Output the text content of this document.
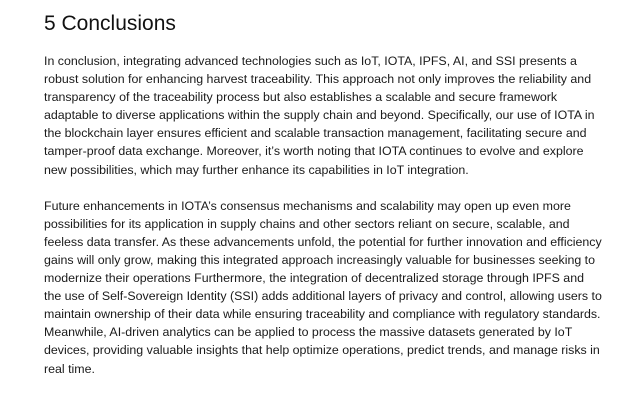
5 Conclusions

In conclusion, integrating advanced technologies such as IoT, IOTA, IPFS, AI, and SSI presents a robust solution for enhancing harvest traceability. This approach not only improves the reliability and transparency of the traceability process but also establishes a scalable and secure framework adaptable to diverse applications within the supply chain and beyond. Specifically, our use of IOTA in the blockchain layer ensures efficient and scalable transaction management, facilitating secure and tamper-proof data exchange. Moreover, it’s worth noting that IOTA continues to evolve and explore new possibilities, which may further enhance its capabilities in IoT integration.

Future enhancements in IOTA’s consensus mechanisms and scalability may open up even more possibilities for its application in supply chains and other sectors reliant on secure, scalable, and feeless data transfer. As these advancements unfold, the potential for further innovation and efficiency gains will only grow, making this integrated approach increasingly valuable for businesses seeking to modernize their operations Furthermore, the integration of decentralized storage through IPFS and the use of Self-Sovereign Identity (SSI) adds additional layers of privacy and control, allowing users to maintain ownership of their data while ensuring traceability and compliance with regulatory standards. Meanwhile, AI-driven analytics can be applied to process the massive datasets generated by IoT devices, providing valuable insights that help optimize operations, predict trends, and manage risks in real time.
